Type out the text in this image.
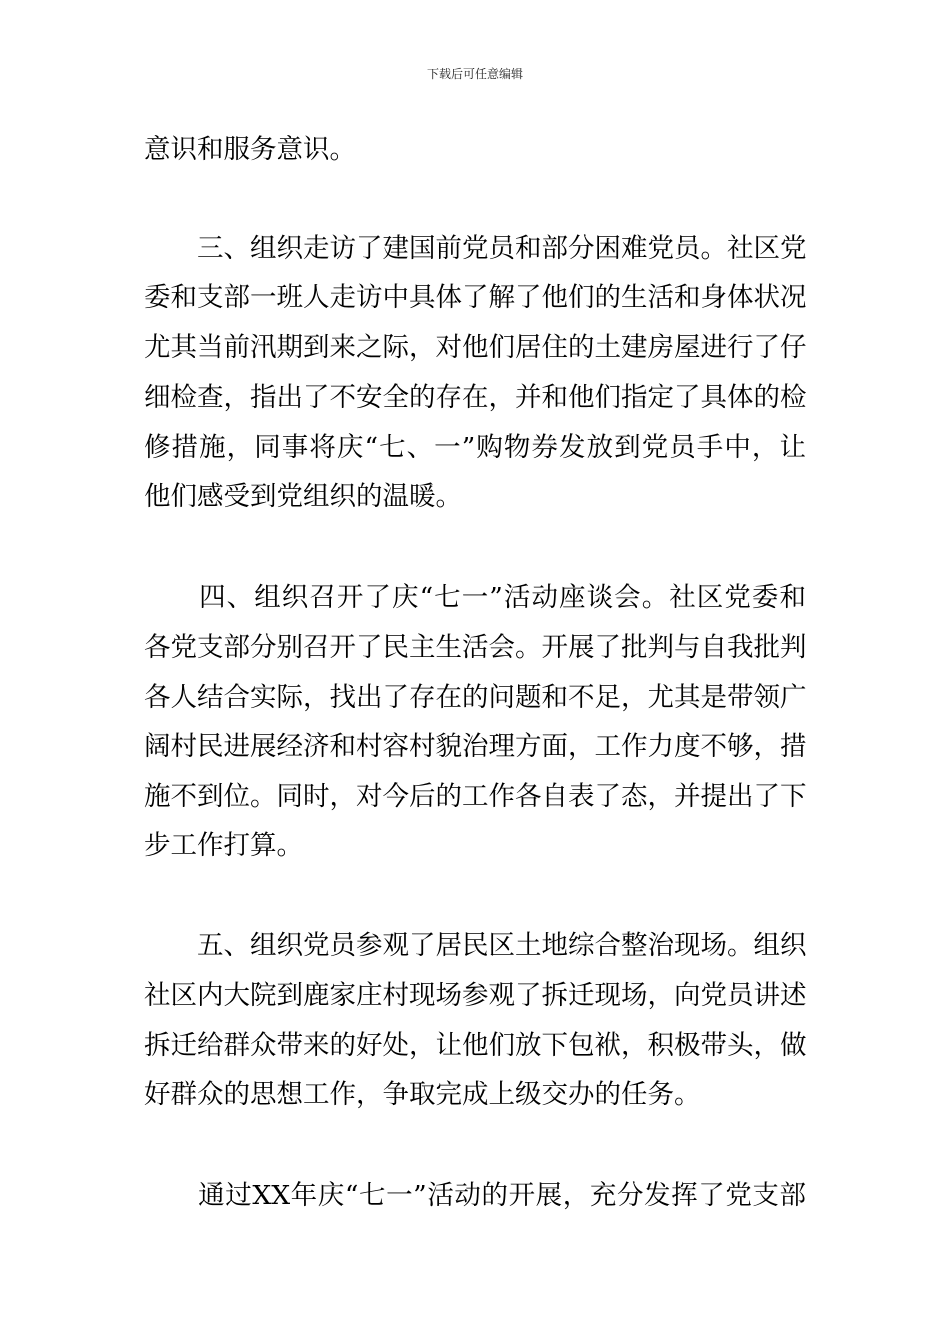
下载后可任意编辑
意识和服务意识。
　　三、组织走访了建国前党员和部分困难党员。社区党
委和支部一班人走访中具体了解了他们的生活和身体状况
尤其当前汛期到来之际，对他们居住的土建房屋进行了仔
细检查，指出了不安全的存在，并和他们指定了具体的检
修措施，同事将庆“七、一”购物券发放到党员手中，让
他们感受到党组织的温暖。
　　四、组织召开了庆“七一”活动座谈会。社区党委和
各党支部分别召开了民主生活会。开展了批判与自我批判
各人结合实际，找出了存在的问题和不足，尤其是带领广
阔村民进展经济和村容村貌治理方面，工作力度不够，措
施不到位。同时，对今后的工作各自表了态，并提出了下
步工作打算。
　　五、组织党员参观了居民区土地综合整治现场。组织
社区内大院到鹿家庄村现场参观了拆迁现场，向党员讲述
拆迁给群众带来的好处，让他们放下包袱，积极带头，做
好群众的思想工作，争取完成上级交办的任务。
　　通过XX年庆“七一”活动的开展，充分发挥了党支部
